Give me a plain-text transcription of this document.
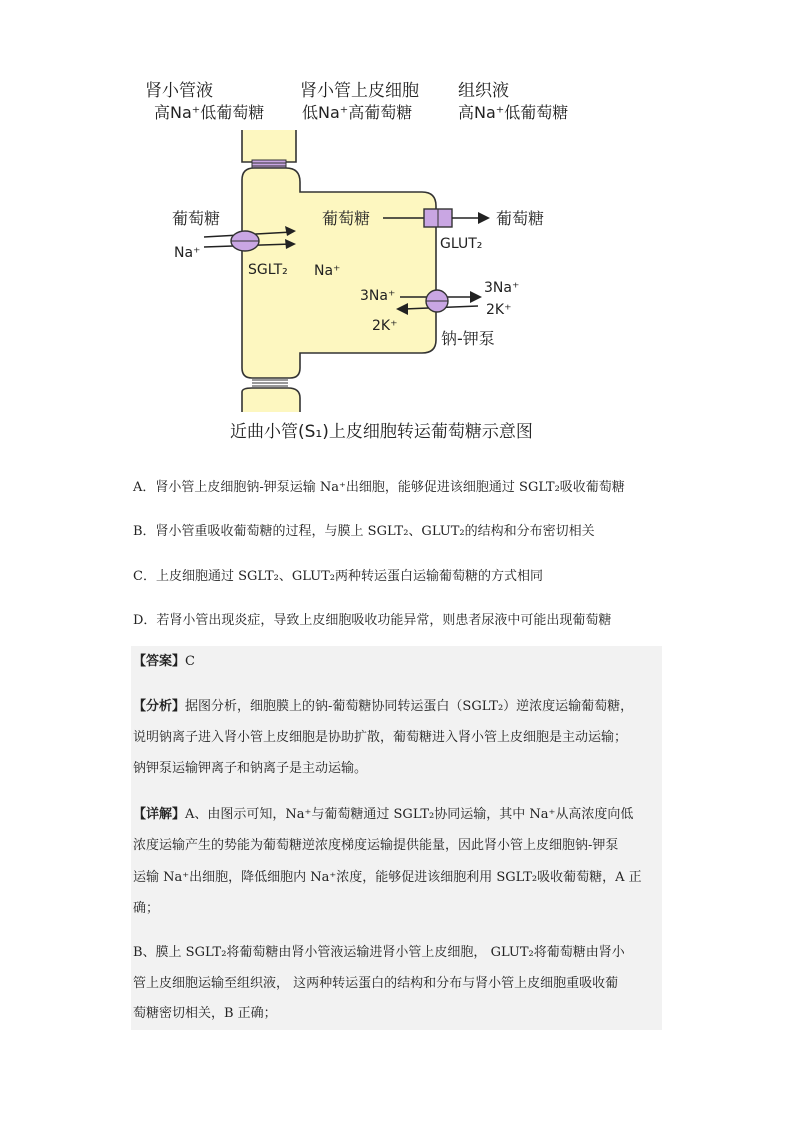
肾小管液
高Na⁺低葡萄糖
肾小管上皮细胞
低Na⁺高葡萄糖
组织液
高Na⁺低葡萄糖
葡萄糖
Na⁺
SGLT₂ Na⁺
葡萄糖	葡萄糖
GLUT₂
3Na⁺
2K⁺
3Na⁺
2K⁺
钠-钾泵
近曲小管(S₁)上皮细胞转运葡萄糖示意图
A．肾小管上皮细胞钠-钾泵运输 Na⁺出细胞，能够促进该细胞通过 SGLT₂吸收葡萄糖
B．肾小管重吸收葡萄糖的过程，与膜上 SGLT₂、GLUT₂的结构和分布密切相关
C．上皮细胞通过 SGLT₂、GLUT₂两种转运蛋白运输葡萄糖的方式相同
D．若肾小管出现炎症，导致上皮细胞吸收功能异常，则患者尿液中可能出现葡萄糖
【答案】C
【分析】据图分析，细胞膜上的钠-葡萄糖协同转运蛋白（SGLT₂）逆浓度运输葡萄糖，
说明钠离子进入肾小管上皮细胞是协助扩散，葡萄糖进入肾小管上皮细胞是主动运输；
钠钾泵运输钾离子和钠离子是主动运输。
【详解】A、由图示可知，Na⁺与葡萄糖通过 SGLT₂协同运输，其中 Na⁺从高浓度向低
浓度运输产生的势能为葡萄糖逆浓度梯度运输提供能量，因此肾小管上皮细胞钠-钾泵
运输 Na⁺出细胞，降低细胞内 Na⁺浓度，能够促进该细胞利用 SGLT₂吸收葡萄糖，A 正
确；
B、膜上 SGLT₂将葡萄糖由肾小管液运输进肾小管上皮细胞， GLUT₂将葡萄糖由肾小
管上皮细胞运输至组织液， 这两种转运蛋白的结构和分布与肾小管上皮细胞重吸收葡
萄糖密切相关，B 正确；
